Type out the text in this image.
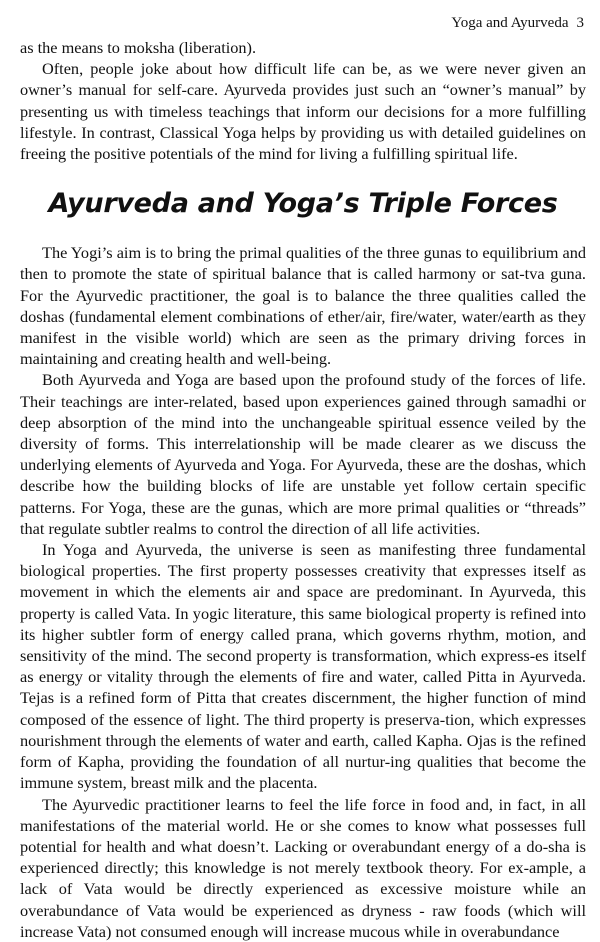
Yoga and Ayurveda 3

as the means to moksha (liberation).

Often, people joke about how difficult life can be, as we were never given an owner’s manual for self-care. Ayurveda provides just such an “owner’s manual” by presenting us with timeless teachings that inform our decisions for a more fulfilling lifestyle. In contrast, Classical Yoga helps by providing us with detailed guidelines on freeing the positive potentials of the mind for living a fulfilling spiritual life.

Ayurveda and Yoga’s Triple Forces

The Yogi’s aim is to bring the primal qualities of the three gunas to equilibrium and then to promote the state of spiritual balance that is called harmony or sat-tva guna. For the Ayurvedic practitioner, the goal is to balance the three qualities called the doshas (fundamental element combinations of ether/air, fire/water, water/earth as they manifest in the visible world) which are seen as the primary driving forces in maintaining and creating health and well-being.

Both Ayurveda and Yoga are based upon the profound study of the forces of life. Their teachings are inter-related, based upon experiences gained through samadhi or deep absorption of the mind into the unchangeable spiritual essence veiled by the diversity of forms. This interrelationship will be made clearer as we discuss the underlying elements of Ayurveda and Yoga. For Ayurveda, these are the doshas, which describe how the building blocks of life are unstable yet follow certain specific patterns. For Yoga, these are the gunas, which are more primal qualities or “threads” that regulate subtler realms to control the direction of all life activities.

In Yoga and Ayurveda, the universe is seen as manifesting three fundamental biological properties. The first property possesses creativity that expresses itself as movement in which the elements air and space are predominant. In Ayurveda, this property is called Vata. In yogic literature, this same biological property is refined into its higher subtler form of energy called prana, which governs rhythm, motion, and sensitivity of the mind. The second property is transformation, which express-es itself as energy or vitality through the elements of fire and water, called Pitta in Ayurveda. Tejas is a refined form of Pitta that creates discernment, the higher function of mind composed of the essence of light. The third property is preserva-tion, which expresses nourishment through the elements of water and earth, called Kapha. Ojas is the refined form of Kapha, providing the foundation of all nurtur-ing qualities that become the immune system, breast milk and the placenta.

The Ayurvedic practitioner learns to feel the life force in food and, in fact, in all manifestations of the material world. He or she comes to know what possesses full potential for health and what doesn’t. Lacking or overabundant energy of a do-sha is experienced directly; this knowledge is not merely textbook theory. For ex-ample, a lack of Vata would be directly experienced as excessive moisture while an overabundance of Vata would be experienced as dryness - raw foods (which will increase Vata) not consumed enough will increase mucous while in overabundance
